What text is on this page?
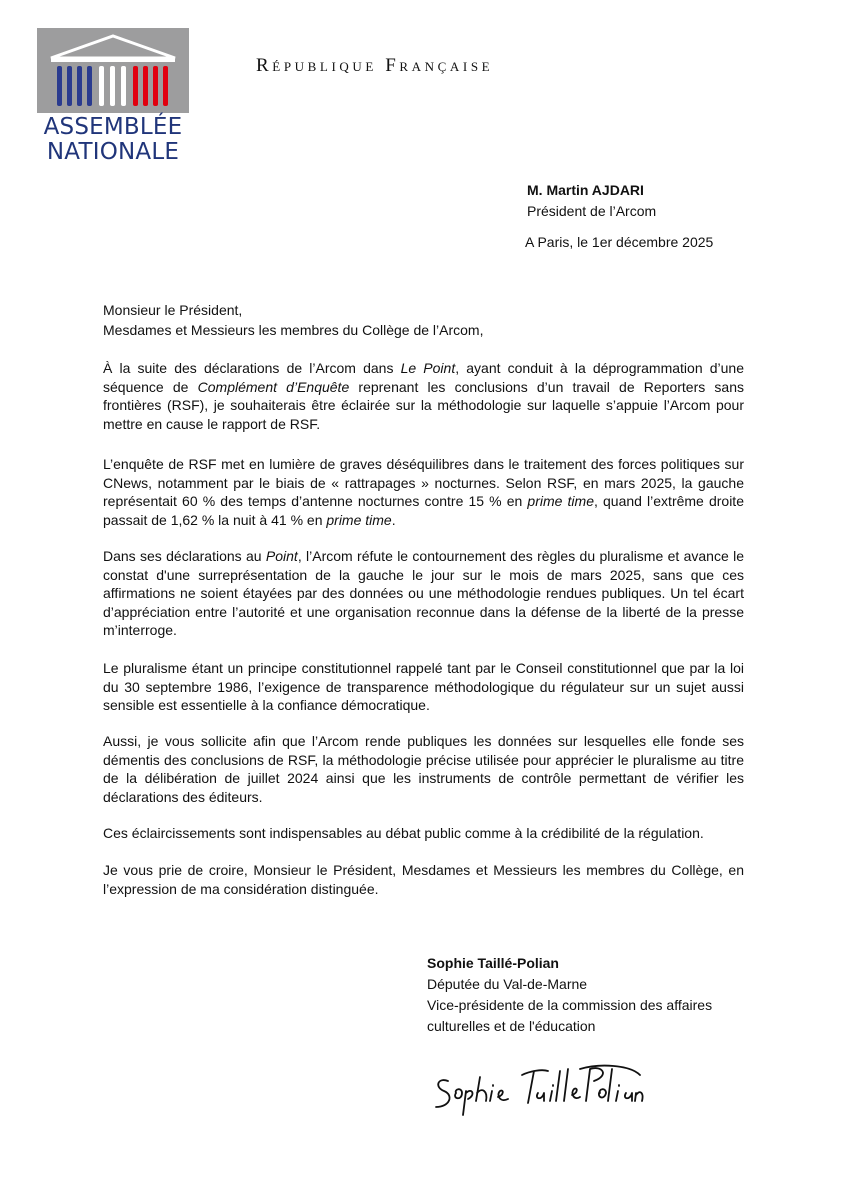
ASSEMBLÉE
NATIONALE
République Française
M. Martin AJDARI
Président de l’Arcom
A Paris, le 1er décembre 2025
Monsieur le Président,
Mesdames et Messieurs les membres du Collège de l’Arcom,
À la suite des déclarations de l’Arcom dans Le Point, ayant conduit à la déprogrammation d’une séquence de Complément d’Enquête reprenant les conclusions d’un travail de Reporters sans frontières (RSF), je souhaiterais être éclairée sur la méthodologie sur laquelle s’appuie l’Arcom pour mettre en cause le rapport de RSF.
L’enquête de RSF met en lumière de graves déséquilibres dans le traitement des forces politiques sur CNews, notamment par le biais de « rattrapages » nocturnes. Selon RSF, en mars 2025, la gauche représentait 60 % des temps d’antenne nocturnes contre 15 % en prime time, quand l’extrême droite passait de 1,62 % la nuit à 41 % en prime time.
Dans ses déclarations au Point, l’Arcom réfute le contournement des règles du pluralisme et avance le constat d'une surreprésentation de la gauche le jour sur le mois de mars 2025, sans que ces affirmations ne soient étayées par des données ou une méthodologie rendues publiques. Un tel écart d’appréciation entre l’autorité et une organisation reconnue dans la défense de la liberté de la presse m’interroge.
Le pluralisme étant un principe constitutionnel rappelé tant par le Conseil constitutionnel que par la loi du 30 septembre 1986, l’exigence de transparence méthodologique du régulateur sur un sujet aussi sensible est essentielle à la confiance démocratique.
Aussi, je vous sollicite afin que l’Arcom rende publiques les données sur lesquelles elle fonde ses démentis des conclusions de RSF, la méthodologie précise utilisée pour apprécier le pluralisme au titre de la délibération de juillet 2024 ainsi que les instruments de contrôle permettant de vérifier les déclarations des éditeurs.
Ces éclaircissements sont indispensables au débat public comme à la crédibilité de la régulation.
Je vous prie de croire, Monsieur le Président, Mesdames et Messieurs les membres du Collège, en l’expression de ma considération distinguée.
Sophie Taillé-Polian
Députée du Val-de-Marne
Vice-présidente de la commission des affaires
culturelles et de l'éducation
